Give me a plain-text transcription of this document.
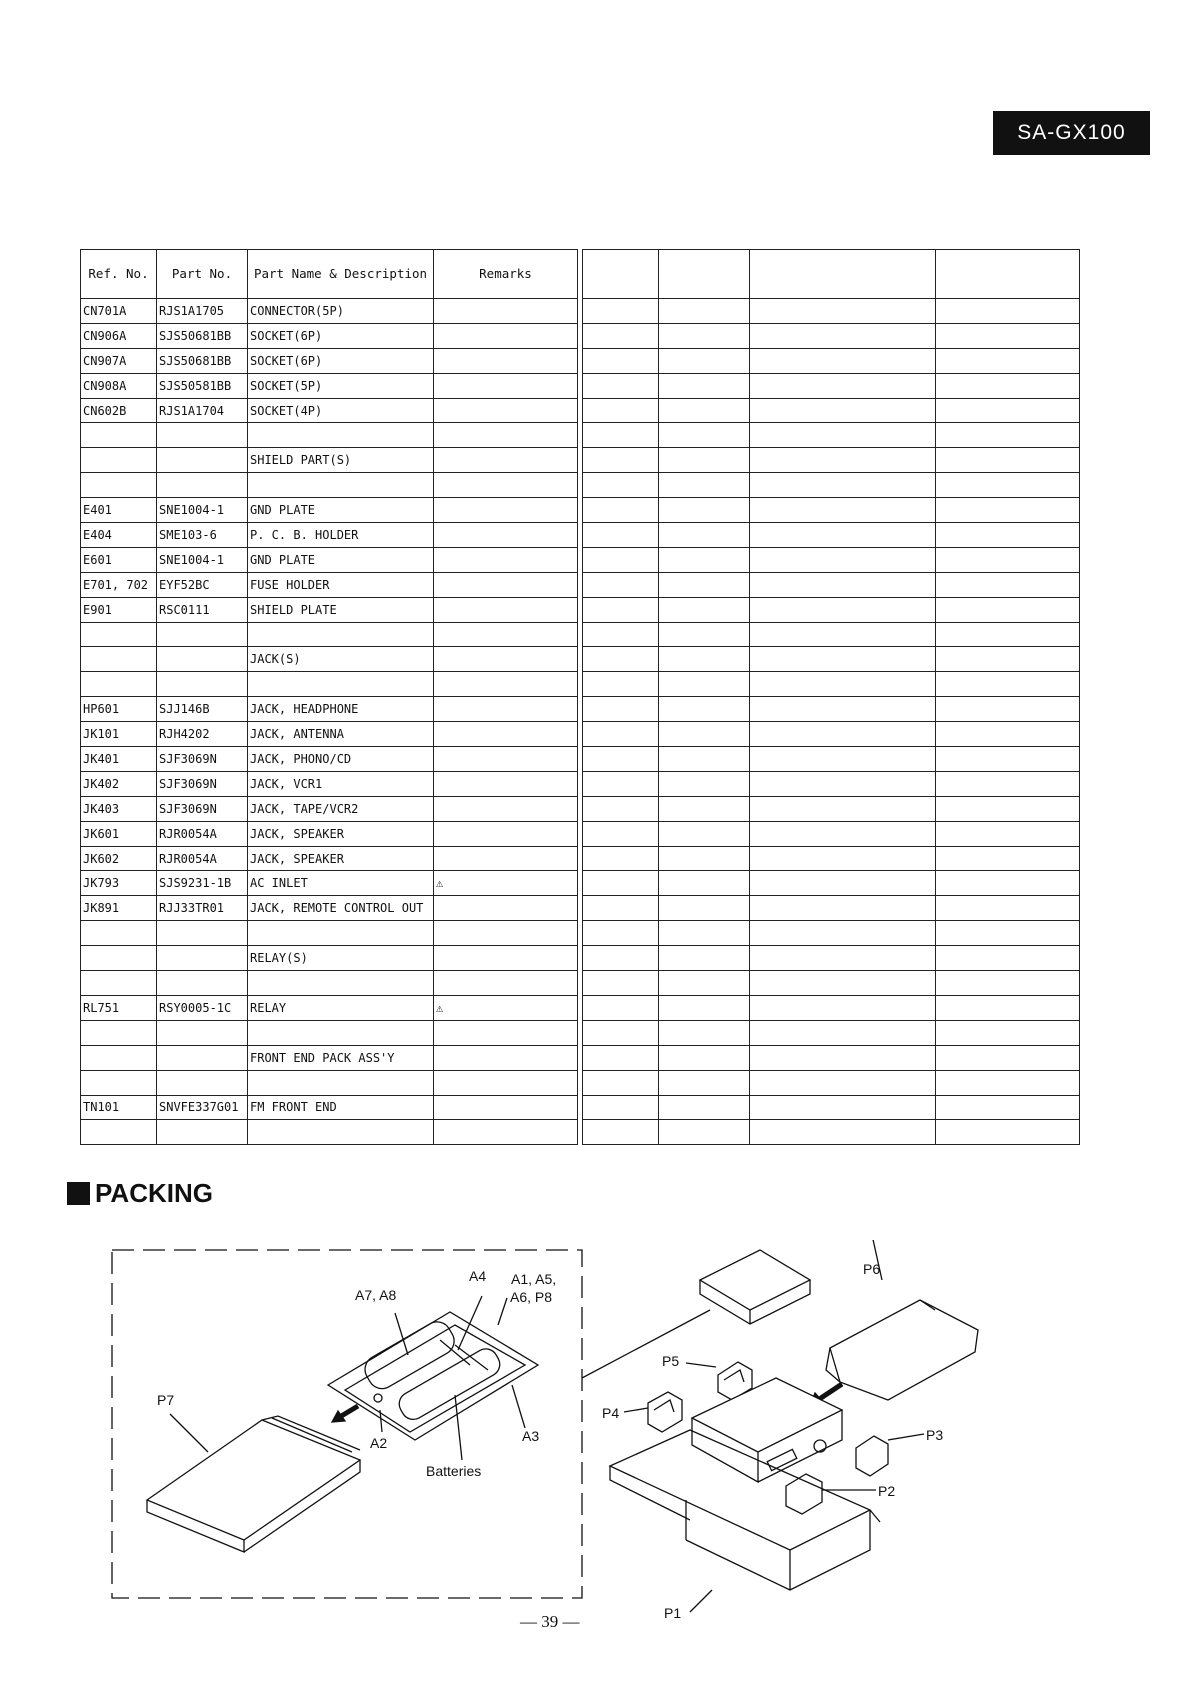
SA-GX100
Ref. No.	Part No.	Part Name & Description	Remarks
CN701A	RJS1A1705	CONNECTOR(5P)	
CN906A	SJS50681BB	SOCKET(6P)	
CN907A	SJS50681BB	SOCKET(6P)	
CN908A	SJS50581BB	SOCKET(5P)	
CN602B	RJS1A1704	SOCKET(4P)	

		SHIELD PART(S)	

E401	SNE1004-1	GND PLATE	
E404	SME103-6	P. C. B. HOLDER	
E601	SNE1004-1	GND PLATE	
E701, 702	EYF52BC	FUSE HOLDER	
E901	RSC0111	SHIELD PLATE	

		JACK(S)	

HP601	SJJ146B	JACK, HEADPHONE	
JK101	RJH4202	JACK, ANTENNA	
JK401	SJF3069N	JACK, PHONO/CD	
JK402	SJF3069N	JACK, VCR1	
JK403	SJF3069N	JACK, TAPE/VCR2	
JK601	RJR0054A	JACK, SPEAKER	
JK602	RJR0054A	JACK, SPEAKER	
JK793	SJS9231-1B	AC INLET	⚠
JK891	RJJ33TR01	JACK, REMOTE CONTROL OUT	

		RELAY(S)	

RL751	RSY0005-1C	RELAY	⚠

		FRONT END PACK ASS'Y	

TN101	SNVFE337G01	FM FRONT END	

PACKING
A7, A8
A4 A1, A5,
A6, P8
A2	A3
Batteries
P7
P6
P5
P4
P3
P2
P1
— 39 —
